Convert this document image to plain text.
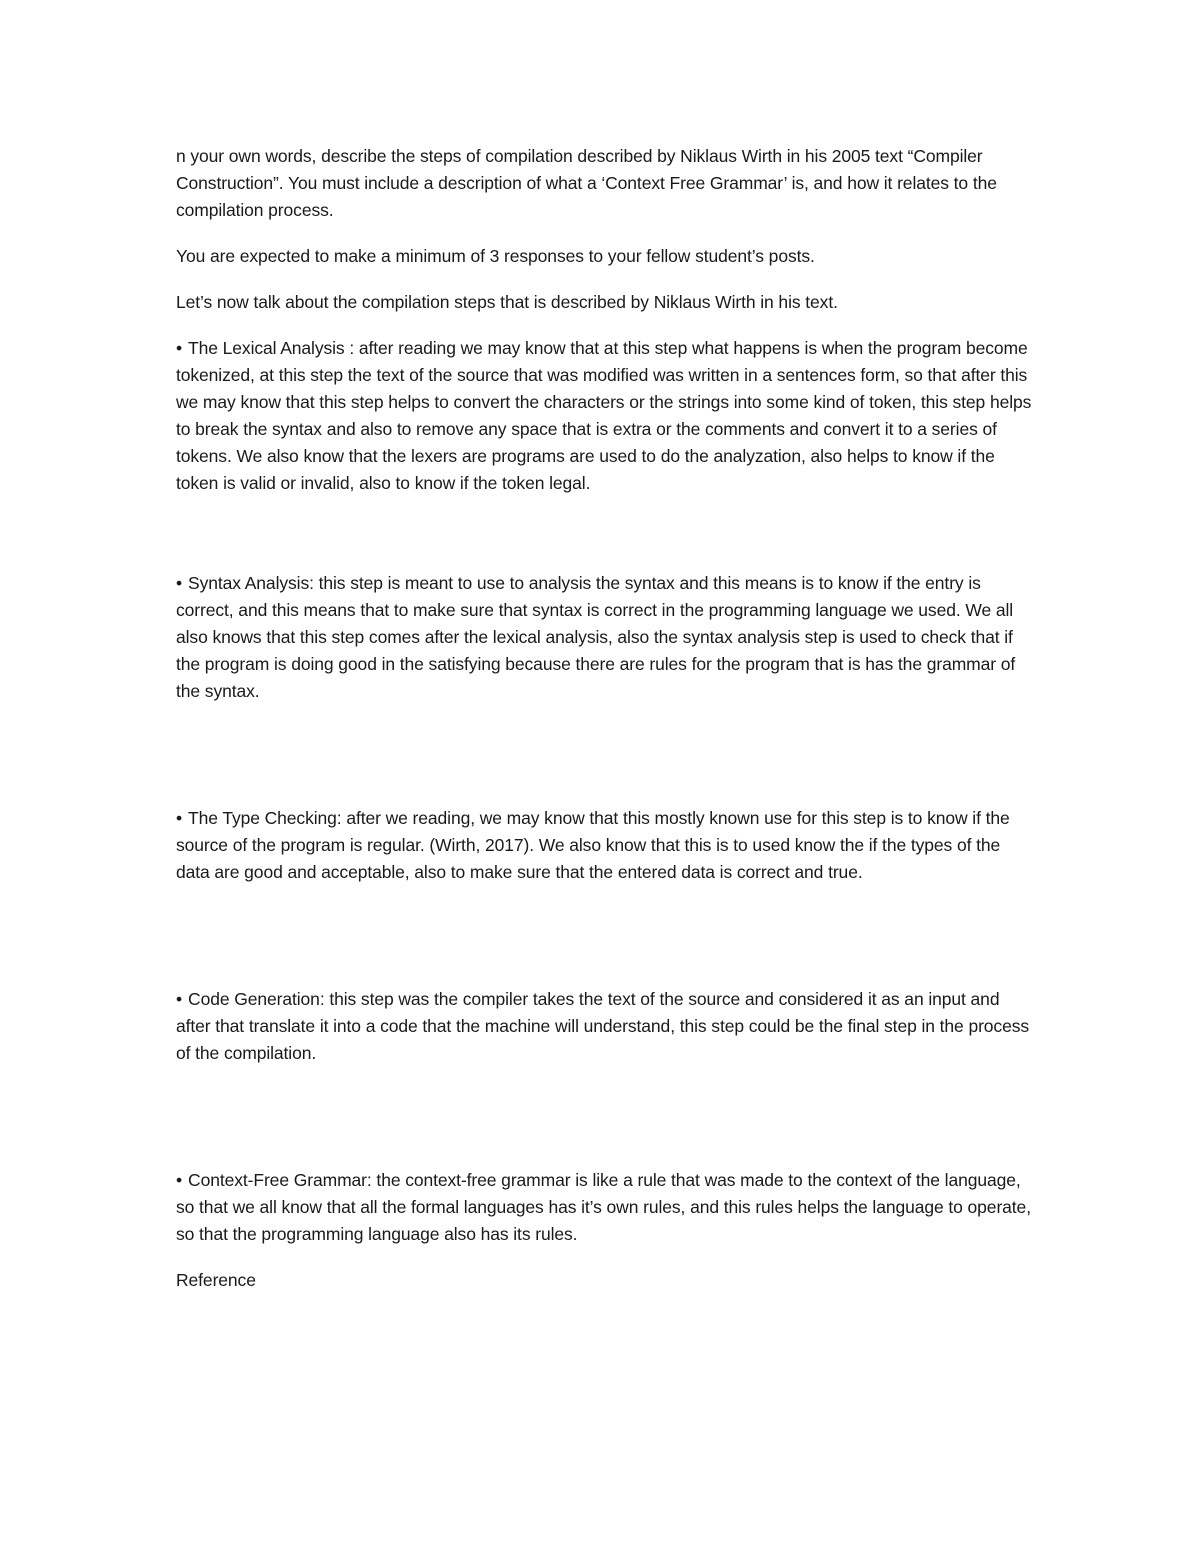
n your own words, describe the steps of compilation described by Niklaus Wirth in his 2005 text “Compiler Construction”. You must include a description of what a ‘Context Free Grammar’ is, and how it relates to the compilation process.

You are expected to make a minimum of 3 responses to your fellow student’s posts.

Let’s now talk about the compilation steps that is described by Niklaus Wirth in his text.

• The Lexical Analysis : after reading we may know that at this step what happens is when the program become tokenized, at this step the text of the source that was modified was written in a sentences form, so that after this we may know that this step helps to convert the characters or the strings into some kind of token, this step helps to break the syntax and also to remove any space that is extra or the comments and convert it to a series of tokens. We also know that the lexers are programs are used to do the analyzation, also helps to know if the token is valid or invalid, also to know if the token legal.

• Syntax Analysis: this step is meant to use to analysis the syntax and this means is to know if the entry is correct, and this means that to make sure that syntax is correct in the programming language we used. We all also knows that this step comes after the lexical analysis, also the syntax analysis step is used to check that if the program is doing good in the satisfying because there are rules for the program that is has the grammar of the syntax.

• The Type Checking: after we reading, we may know that this mostly known use for this step is to know if the source of the program is regular. (Wirth, 2017). We also know that this is to used know the if the types of the data are good and acceptable, also to make sure that the entered data is correct and true.

• Code Generation: this step was the compiler takes the text of the source and considered it as an input and after that translate it into a code that the machine will understand, this step could be the final step in the process of the compilation.

• Context-Free Grammar: the context-free grammar is like a rule that was made to the context of the language, so that we all know that all the formal languages has it’s own rules, and this rules helps the language to operate, so that the programming language also has its rules.

Reference
